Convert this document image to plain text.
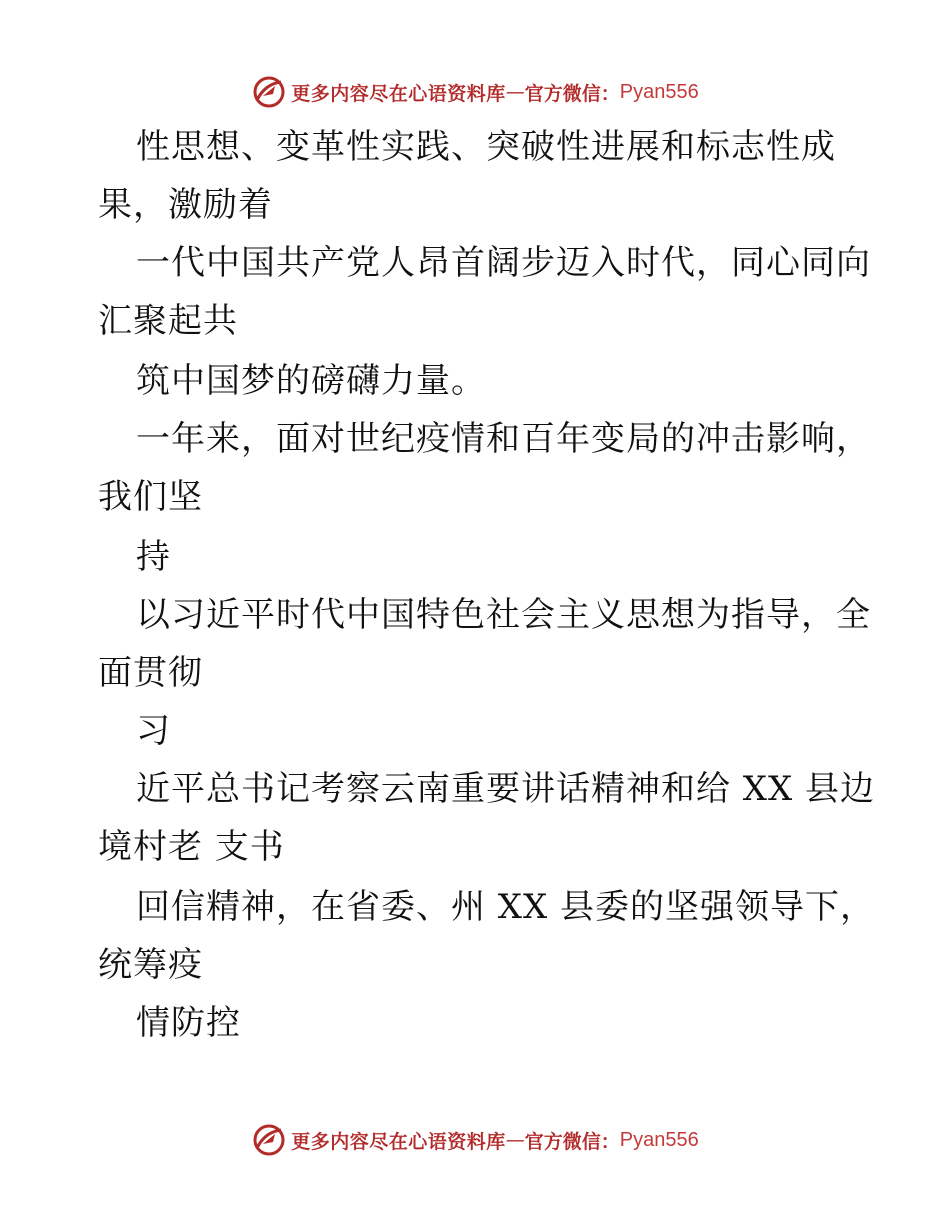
更多内容尽在心语资料库 — 官方微信： Pyan556
性思想、变革性实践、突破性进展和标志性成
果，激励着
一代中国共产党人昂首阔步迈入时代，同心同向
汇聚起共
筑中国梦的磅礴力量。
一年来，面对世纪疫情和百年变局的冲击影响，
我们坚
持
以习近平时代中国特色社会主义思想为指导，全
面贯彻
习
近平总书记考察云南重要讲话精神和给 XX 县边
境村老 支书
回信精神，在省委、州 XX 县委的坚强领导下，
统筹疫
情防控
更多内容尽在心语资料库 — 官方微信： Pyan556
